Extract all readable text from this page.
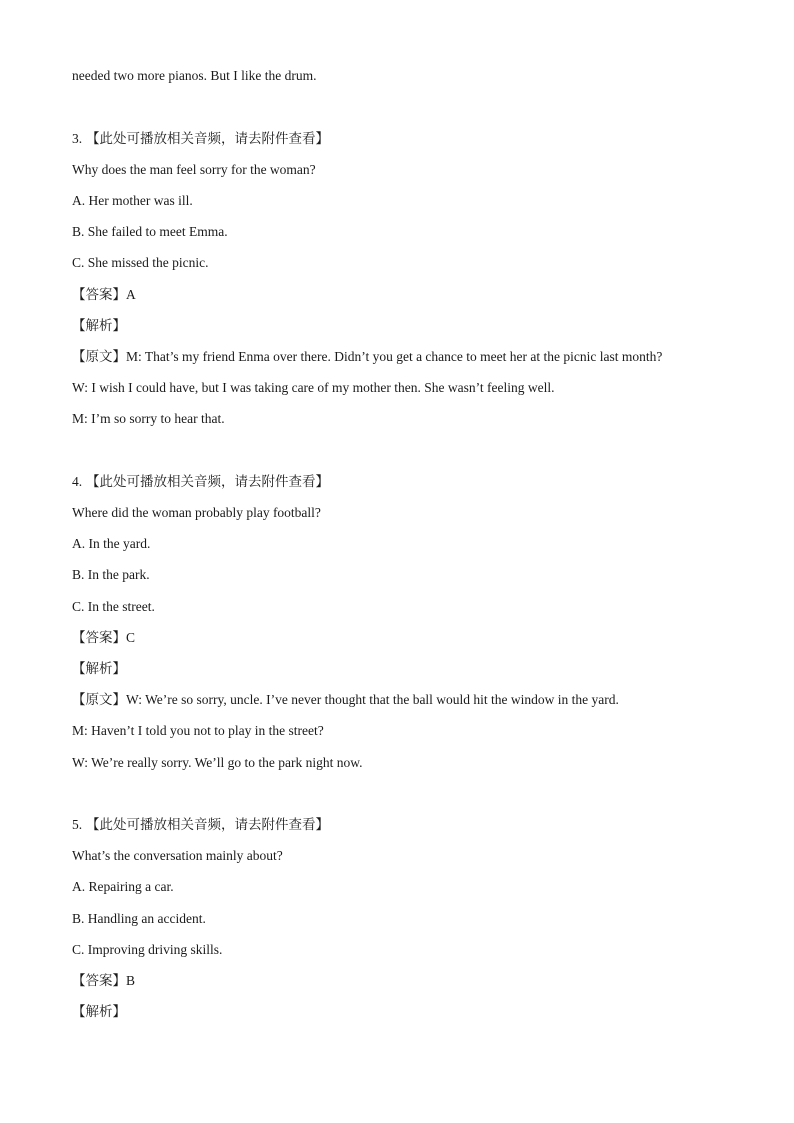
needed two more pianos. But I like the drum.
3. 【此处可播放相关音频，请去附件查看】
Why does the man feel sorry for the woman?
A. Her mother was ill.
B. She failed to meet Emma.
C. She missed the picnic.
【答案】A
【解析】
【原文】M: That’s my friend Enma over there. Didn’t you get a chance to meet her at the picnic last month?
W: I wish I could have, but I was taking care of my mother then. She wasn’t feeling well.
M: I’m so sorry to hear that.
4. 【此处可播放相关音频，请去附件查看】
Where did the woman probably play football?
A. In the yard.
B. In the park.
C. In the street.
【答案】C
【解析】
【原文】W: We’re so sorry, uncle. I’ve never thought that the ball would hit the window in the yard.
M: Haven’t I told you not to play in the street?
W: We’re really sorry. We’ll go to the park night now.
5. 【此处可播放相关音频，请去附件查看】
What’s the conversation mainly about?
A. Repairing a car.
B. Handling an accident.
C. Improving driving skills.
【答案】B
【解析】
